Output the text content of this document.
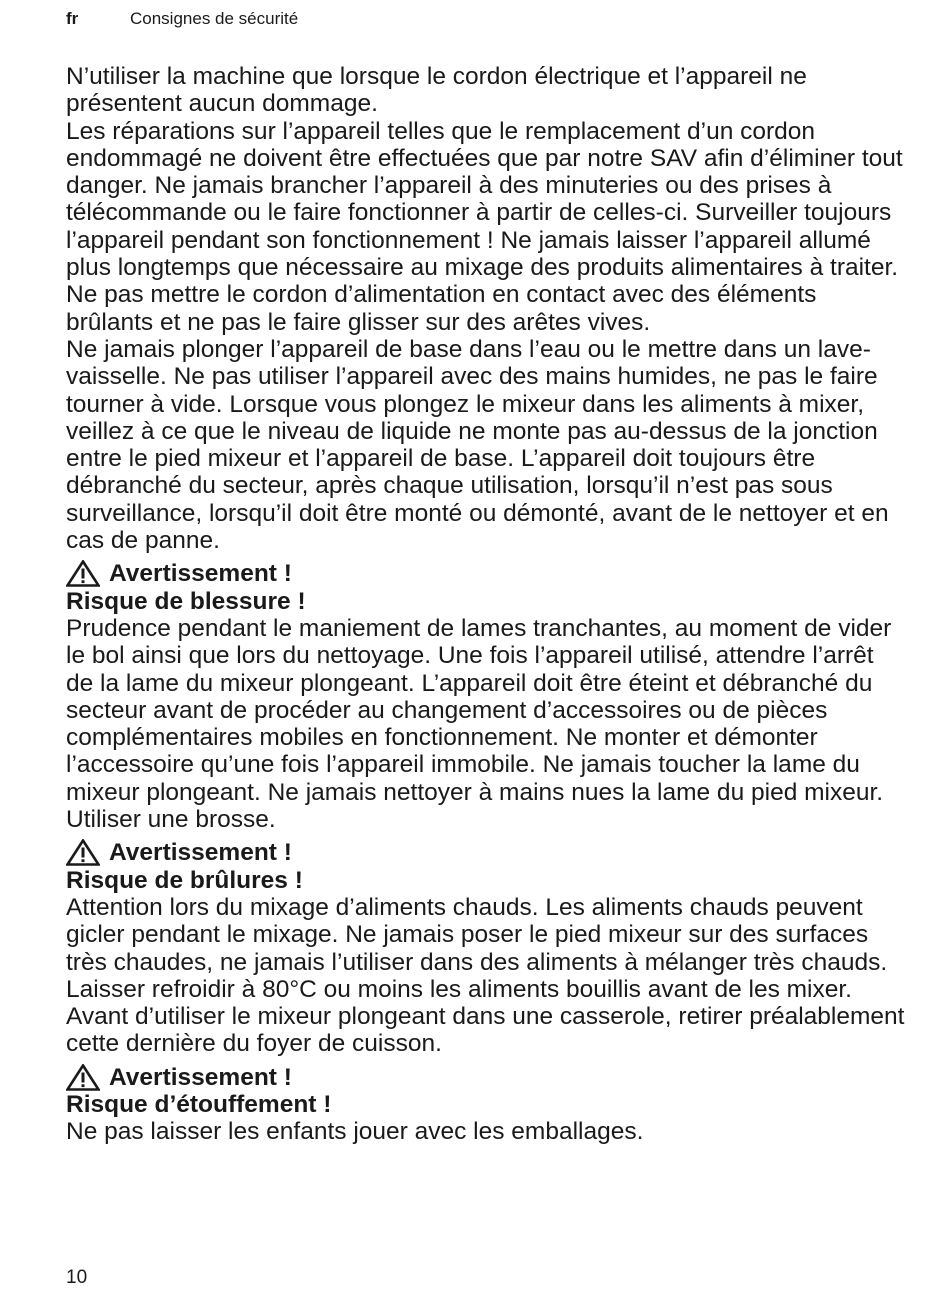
fr	Consignes de sécurité

N’utiliser la machine que lorsque le cordon électrique et l’appareil ne présentent aucun dommage.

Les réparations sur l’appareil telles que le remplacement d’un cordon endommagé ne doivent être effectuées que par notre SAV afin d’éliminer tout danger. Ne jamais brancher l’appareil à des minuteries ou des prises à télécommande ou le faire fonctionner à partir de celles-ci. Surveiller toujours l’appareil pendant son fonctionnement ! Ne jamais laisser l’appareil allumé plus longtemps que nécessaire au mixage des produits alimentaires à traiter.

Ne pas mettre le cordon d’alimentation en contact avec des éléments brûlants et ne pas le faire glisser sur des arêtes vives.

Ne jamais plonger l’appareil de base dans l’eau ou le mettre dans un lave-vaisselle. Ne pas utiliser l’appareil avec des mains humides, ne pas le faire tourner à vide. Lorsque vous plongez le mixeur dans les aliments à mixer, veillez à ce que le niveau de liquide ne monte pas au-dessus de la jonction entre le pied mixeur et l’appareil de base. L’appareil doit toujours être débranché du secteur, après chaque utilisation, lorsqu’il n’est pas sous surveillance, lorsqu’il doit être monté ou démonté, avant de le nettoyer et en cas de panne.

Avertissement !

Risque de blessure !

Prudence pendant le maniement de lames tranchantes, au moment de vider le bol ainsi que lors du nettoyage. Une fois l’appareil utilisé, attendre l’arrêt de la lame du mixeur plongeant. L’appareil doit être éteint et débranché du secteur avant de procéder au changement d’accessoires ou de pièces complémentaires mobiles en fonctionnement. Ne monter et démonter l’accessoire qu’une fois l’appareil immobile. Ne jamais toucher la lame du mixeur plongeant. Ne jamais nettoyer à mains nues la lame du pied mixeur.

Utiliser une brosse.

Avertissement !

Risque de brûlures !

Attention lors du mixage d’aliments chauds. Les aliments chauds peuvent gicler pendant le mixage. Ne jamais poser le pied mixeur sur des surfaces très chaudes, ne jamais l’utiliser dans des aliments à mélanger très chauds. Laisser refroidir à 80°C ou moins les aliments bouillis avant de les mixer. Avant d’utiliser le mixeur plongeant dans une casserole, retirer préalablement cette dernière du foyer de cuisson.

Avertissement !

Risque d’étouffement !

Ne pas laisser les enfants jouer avec les emballages.

10
